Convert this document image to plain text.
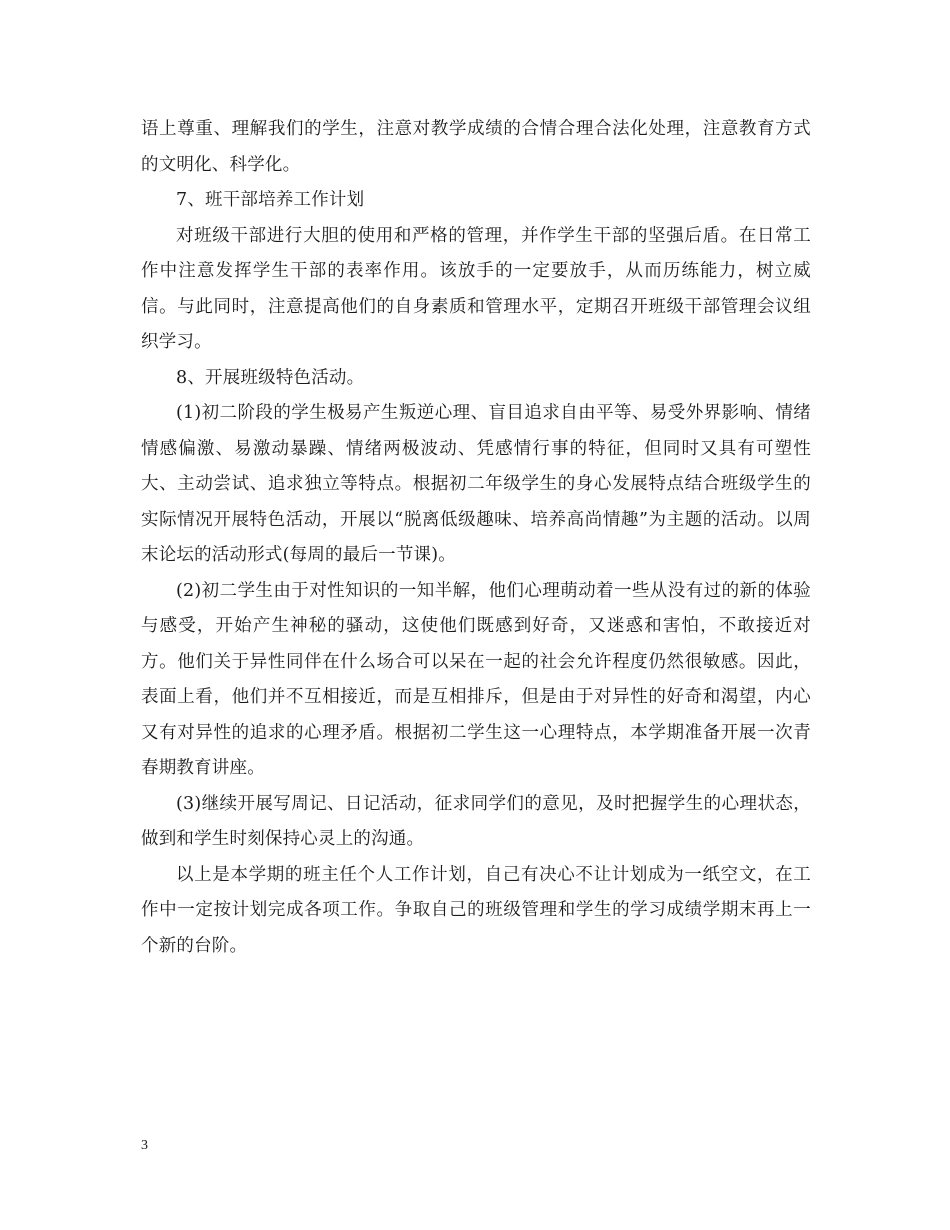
语上尊重、理解我们的学生，注意对教学成绩的合情合理合法化处理，注意教育方式的文明化、科学化。

7、班干部培养工作计划

对班级干部进行大胆的使用和严格的管理，并作学生干部的坚强后盾。在日常工作中注意发挥学生干部的表率作用。该放手的一定要放手，从而历练能力，树立威信。与此同时，注意提高他们的自身素质和管理水平，定期召开班级干部管理会议组织学习。

8、开展班级特色活动。

(1)初二阶段的学生极易产生叛逆心理、盲目追求自由平等、易受外界影响、情绪情感偏激、易激动暴躁、情绪两极波动、凭感情行事的特征，但同时又具有可塑性大、主动尝试、追求独立等特点。根据初二年级学生的身心发展特点结合班级学生的实际情况开展特色活动，开展以“脱离低级趣味、培养高尚情趣”为主题的活动。以周末论坛的活动形式(每周的最后一节课)。

(2)初二学生由于对性知识的一知半解，他们心理萌动着一些从没有过的新的体验与感受，开始产生神秘的骚动，这使他们既感到好奇，又迷惑和害怕，不敢接近对方。他们关于异性同伴在什么场合可以呆在一起的社会允许程度仍然很敏感。因此，表面上看，他们并不互相接近，而是互相排斥，但是由于对异性的好奇和渴望，内心又有对异性的追求的心理矛盾。根据初二学生这一心理特点，本学期准备开展一次青春期教育讲座。

(3)继续开展写周记、日记活动，征求同学们的意见，及时把握学生的心理状态，做到和学生时刻保持心灵上的沟通。

以上是本学期的班主任个人工作计划，自己有决心不让计划成为一纸空文，在工作中一定按计划完成各项工作。争取自己的班级管理和学生的学习成绩学期末再上一个新的台阶。

3
